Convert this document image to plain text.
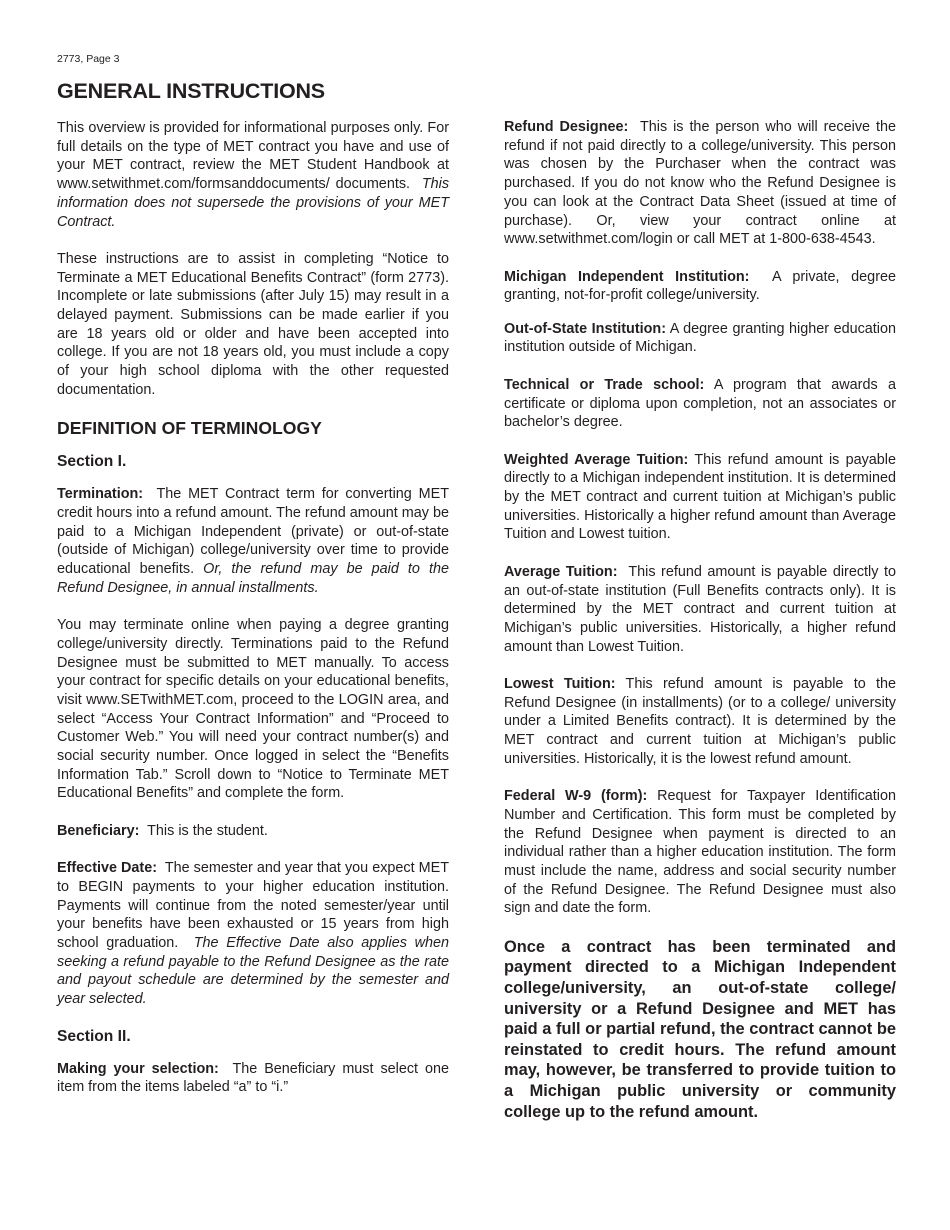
2773, Page 3
GENERAL INSTRUCTIONS

This overview is provided for informational purposes only. For full details on the type of MET contract you have and use of your MET contract, review the MET Student Handbook at www.setwithmet.com/formsanddocuments/ documents. This information does not supersede the provisions of your MET Contract.

These instructions are to assist in completing “Notice to Terminate a MET Educational Benefits Contract” (form 2773). Incomplete or late submissions (after July 15) may result in a delayed payment. Submissions can be made earlier if you are 18 years old or older and have been accepted into college. If you are not 18 years old, you must include a copy of your high school diploma with the other requested documentation.

DEFINITION OF TERMINOLOGY
Section I.

Termination: The MET Contract term for converting MET credit hours into a refund amount. The refund amount may be paid to a Michigan Independent (private) or out-of-state (outside of Michigan) college/university over time to provide educational benefits. Or, the refund may be paid to the Refund Designee, in annual installments.

You may terminate online when paying a degree granting college/university directly. Terminations paid to the Refund Designee must be submitted to MET manually. To access your contract for specific details on your educational benefits, visit www.SETwithMET.com, proceed to the LOGIN area, and select “Access Your Contract Information” and “Proceed to Customer Web.” You will need your contract number(s) and social security number. Once logged in select the “Benefits Information Tab.” Scroll down to “Notice to Terminate MET Educational Benefits” and complete the form.

Beneficiary: This is the student.

Effective Date: The semester and year that you expect MET to BEGIN payments to your higher education institution. Payments will continue from the noted semester/year until your benefits have been exhausted or 15 years from high school graduation. The Effective Date also applies when seeking a refund payable to the Refund Designee as the rate and payout schedule are determined by the semester and year selected.

Section II.

Making your selection: The Beneficiary must select one item from the items labeled “a” to “i.”

Refund Designee: This is the person who will receive the refund if not paid directly to a college/university. This person was chosen by the Purchaser when the contract was purchased. If you do not know who the Refund Designee is you can look at the Contract Data Sheet (issued at time of purchase). Or, view your contract online at www.setwithmet.com/login or call MET at 1-800-638-4543.

Michigan Independent Institution: A private, degree granting, not-for-profit college/university.

Out-of-State Institution: A degree granting higher education institution outside of Michigan.

Technical or Trade school: A program that awards a certificate or diploma upon completion, not an associates or bachelor’s degree.

Weighted Average Tuition: This refund amount is payable directly to a Michigan independent institution. It is determined by the MET contract and current tuition at Michigan’s public universities. Historically a higher refund amount than Average Tuition and Lowest tuition.

Average Tuition: This refund amount is payable directly to an out-of-state institution (Full Benefits contracts only). It is determined by the MET contract and current tuition at Michigan’s public universities. Historically, a higher refund amount than Lowest Tuition.

Lowest Tuition: This refund amount is payable to the Refund Designee (in installments) (or to a college/ university under a Limited Benefits contract). It is determined by the MET contract and current tuition at Michigan’s public universities. Historically, it is the lowest refund amount.

Federal W-9 (form): Request for Taxpayer Identification Number and Certification. This form must be completed by the Refund Designee when payment is directed to an individual rather than a higher education institution. The form must include the name, address and social security number of the Refund Designee. The Refund Designee must also sign and date the form.

Once a contract has been terminated and payment directed to a Michigan Independent college/university, an out-of-state college/ university or a Refund Designee and MET has paid a full or partial refund, the contract cannot be reinstated to credit hours. The refund amount may, however, be transferred to provide tuition to a Michigan public university or community college up to the refund amount.
